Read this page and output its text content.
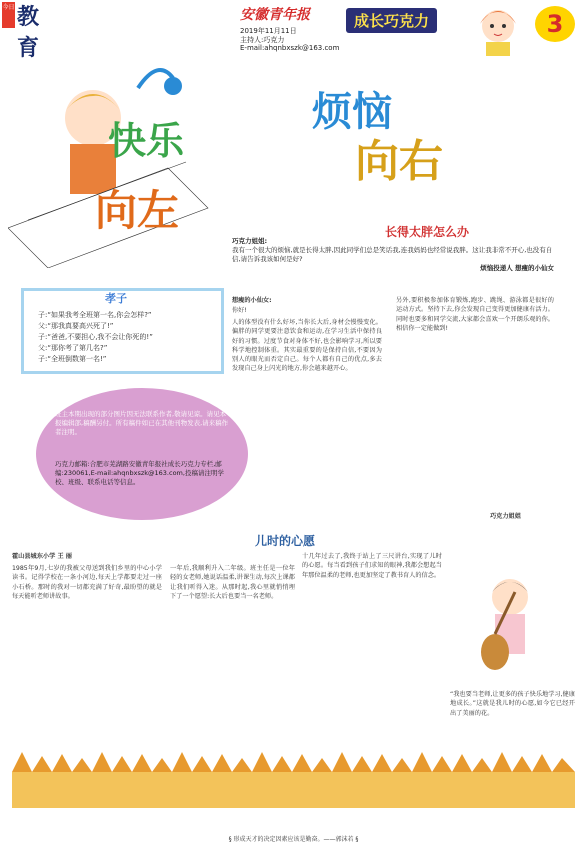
今日 教育
安徽青年报
2019年11月11日
主持人:巧克力
E-mail:ahqnbxszk@163.com
成长巧克力	3
快乐
向左
烦恼
向右
长得太胖怎么办

巧克力姐姐:

我有一个很大的烦恼,就是长得太胖,因此同学们总是笑话我,连我妈妈也经常说我胖。这让我非常不开心,也没有自信,请告诉我该如何是好?

烦恼投递人 想瘦的小仙女

孝子
子:“如果我考全班第一名,你会怎样?”
父:“那我真要高兴死了!”
子:“爸爸,不要担心,我不会让你死的!”
父:“那你考了第几名?”
子:“全班倒数第一名!”
班主本期出现的部分图片因无法联系作者,敬请见谅。请见本报编辑部,稿酬另付。所有稿件如已在其他刊物发表,请来稿作者注明。
巧克力邮箱:合肥市芜湖路安徽青年报社成长巧克力专栏,邮编:230061,E-mail:ahqnbxszk@163.com,投稿请注明学校、班级、联系电话等信息。
想瘦的小仙女:
你好!
人的体型没有什么好坏,当你长大后,身材会慢慢变化。偏胖的同学更要注意饮食和运动,在学习生活中保持良好的习惯。过度节食对身体不好,也会影响学习,所以要科学地控制体重。其实最重要的是保持自信,不要因为别人的眼光而否定自己。每个人都有自己的优点,多去发现自己身上闪光的地方,你会越来越开心。
另外,要积极参加体育锻炼,跑步、跳绳、游泳都是很好的运动方式。坚持下去,你会发现自己变得更加健康有活力。同时也要多和同学交流,大家都会喜欢一个开朗乐观的你。相信你一定能做到!
巧克力姐姐
儿时的心愿
霍山县城东小学 王 丽
1985年9月,七岁的我被父母送到我们乡里的中心小学读书。记得学校在一条小河边,每天上学都要走过一座小石桥。那时的我对一切都充满了好奇,最盼望的就是每天能听老师讲故事。
一年后,我顺利升入二年级。班主任是一位年轻的女老师,她说话温柔,讲课生动,每次上课都让我们听得入迷。从那时起,我心里就悄悄埋下了一个愿望:长大后也要当一名老师。
十几年过去了,我终于站上了三尺讲台,实现了儿时的心愿。每当看到孩子们求知的眼神,我都会想起当年那位温柔的老师,也更加坚定了教书育人的信念。
“我也要当老师,让更多的孩子快乐地学习,健康地成长。”这就是我儿时的心愿,如今它已经开出了美丽的花。
§ 形成天才的决定因素应该是勤奋。——郭沫若 §
